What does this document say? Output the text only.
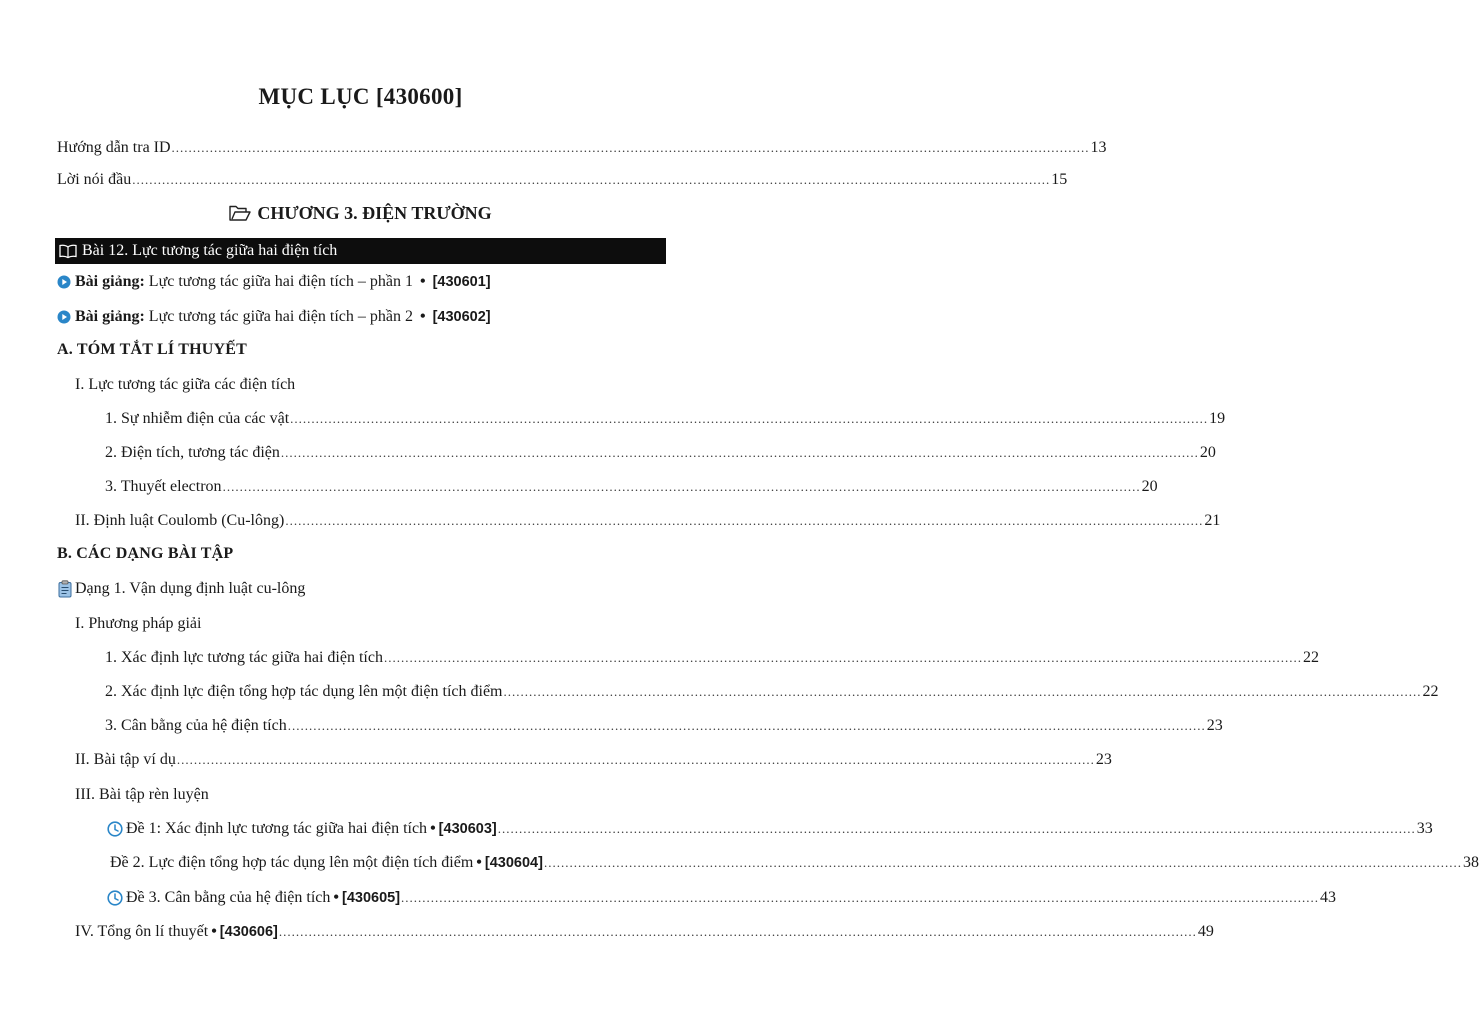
MỤC LỤC [430600]
Hướng dẫn tra ID ........................................................................................................................................................................................................................ 13
Lời nói đầu ........................................................................................................................................................................................................................ 15
CHƯƠNG 3. ĐIỆN TRƯỜNG
Bài 12. Lực tương tác giữa hai điện tích
Bài giảng: Lực tương tác giữa hai điện tích – phần 1 • [430601]
Bài giảng: Lực tương tác giữa hai điện tích – phần 2 • [430602]
A. TÓM TẮT LÍ THUYẾT
I. Lực tương tác giữa các điện tích
1. Sự nhiễm điện của các vật ........................................................................................................................................................................................................................ 19
2. Điện tích, tương tác điện ........................................................................................................................................................................................................................ 20
3. Thuyết electron ........................................................................................................................................................................................................................ 20
II. Định luật Coulomb (Cu-lông) ........................................................................................................................................................................................................................ 21
B. CÁC DẠNG BÀI TẬP
Dạng 1. Vận dụng định luật cu-lông
I. Phương pháp giải
1. Xác định lực tương tác giữa hai điện tích ........................................................................................................................................................................................................................ 22
2. Xác định lực điện tổng hợp tác dụng lên một điện tích điểm ........................................................................................................................................................................................................................ 22
3. Cân bằng của hệ điện tích ........................................................................................................................................................................................................................ 23
II. Bài tập ví dụ ........................................................................................................................................................................................................................ 23
III. Bài tập rèn luyện
Đề 1: Xác định lực tương tác giữa hai điện tích • [430603] ........................................................................................................................................................................................................................ 33
Đề 2. Lực điện tổng hợp tác dụng lên một điện tích điểm • [430604] ........................................................................................................................................................................................................................ 38
Đề 3. Cân bằng của hệ điện tích • [430605] ........................................................................................................................................................................................................................ 43
IV. Tổng ôn lí thuyết • [430606] ........................................................................................................................................................................................................................ 49
